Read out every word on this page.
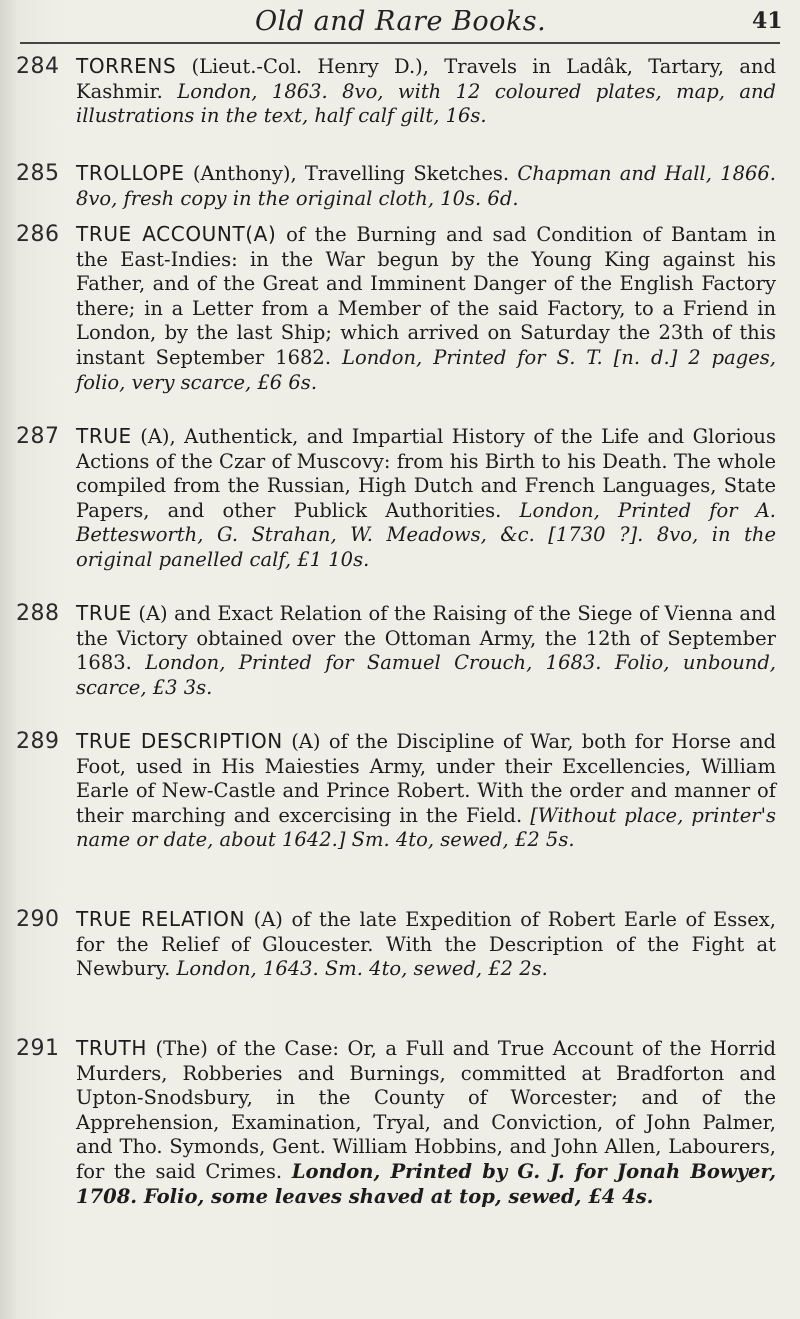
Old and Rare Books.	41
284 TORRENS (Lieut.-Col. Henry D.), Travels in Ladâk, Tartary, and Kashmir. London, 1863. 8vo, with 12 coloured plates, map, and illustrations in the text, half calf gilt, 16s.
285 TROLLOPE (Anthony), Travelling Sketches. Chapman and Hall, 1866. 8vo, fresh copy in the original cloth, 10s. 6d.
286 TRUE ACCOUNT(A) of the Burning and sad Condition of Bantam in the East-Indies: in the War begun by the Young King against his Father, and of the Great and Imminent Danger of the English Factory there; in a Letter from a Member of the said Factory, to a Friend in London, by the last Ship; which arrived on Saturday the 23th of this instant September 1682. London, Printed for S. T. [n. d.] 2 pages, folio, very scarce, £6 6s.
287 TRUE (A), Authentick, and Impartial History of the Life and Glorious Actions of the Czar of Muscovy: from his Birth to his Death. The whole compiled from the Russian, High Dutch and French Languages, State Papers, and other Publick Authorities. London, Printed for A. Bettesworth, G. Strahan, W. Meadows, &c. [1730 ?]. 8vo, in the original panelled calf, £1 10s.
288 TRUE (A) and Exact Relation of the Raising of the Siege of Vienna and the Victory obtained over the Ottoman Army, the 12th of September 1683. London, Printed for Samuel Crouch, 1683. Folio, unbound, scarce, £3 3s.
289 TRUE DESCRIPTION (A) of the Discipline of War, both for Horse and Foot, used in His Maiesties Army, under their Excellencies, William Earle of New-Castle and Prince Robert. With the order and manner of their marching and excercising in the Field. [Without place, printer's name or date, about 1642.] Sm. 4to, sewed, £2 5s.
290 TRUE RELATION (A) of the late Expedition of Robert Earle of Essex, for the Relief of Gloucester. With the Description of the Fight at Newbury. London, 1643. Sm. 4to, sewed, £2 2s.
291 TRUTH (The) of the Case: Or, a Full and True Account of the Horrid Murders, Robberies and Burnings, committed at Bradforton and Upton-Snodsbury, in the County of Worcester; and of the Apprehension, Examination, Tryal, and Conviction, of John Palmer, and Tho. Symonds, Gent. William Hobbins, and John Allen, Labourers, for the said Crimes. London, Printed by G. J. for Jonah Bowyer, 1708. Folio, some leaves shaved at top, sewed, £4 4s.
